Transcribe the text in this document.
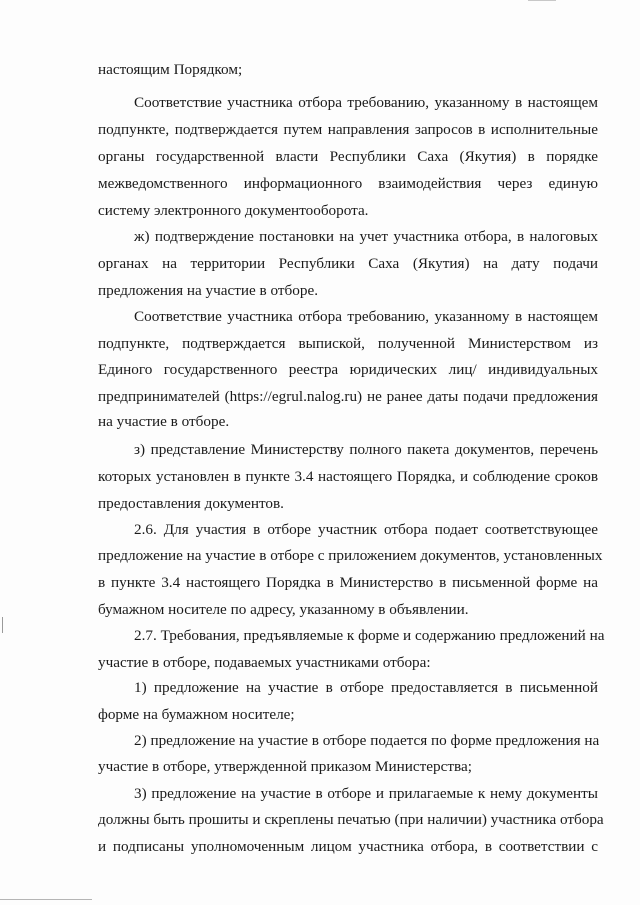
настоящим Порядком;
Соответствие участника отбора требованию, указанному в настоящем
подпункте, подтверждается путем направления запросов в исполнительные
органы государственной власти Республики Саха (Якутия) в порядке
межведомственного информационного взаимодействия через единую
систему электронного документооборота.
ж) подтверждение постановки на учет участника отбора, в налоговых
органах на территории Республики Саха (Якутия) на дату подачи
предложения на участие в отборе.
Соответствие участника отбора требованию, указанному в настоящем
подпункте, подтверждается выпиской, полученной Министерством из
Единого государственного реестра юридических лиц/ индивидуальных
предпринимателей (https://egrul.nalog.ru) не ранее даты подачи предложения
на участие в отборе.
з) представление Министерству полного пакета документов, перечень
которых установлен в пункте 3.4 настоящего Порядка, и соблюдение сроков
предоставления документов.
2.6. Для участия в отборе участник отбора подает соответствующее
предложение на участие в отборе с приложением документов, установленных
в пункте 3.4 настоящего Порядка в Министерство в письменной форме на
бумажном носителе по адресу, указанному в объявлении.
2.7. Требования, предъявляемые к форме и содержанию предложений на
участие в отборе, подаваемых участниками отбора:
1) предложение на участие в отборе предоставляется в письменной
форме на бумажном носителе;
2) предложение на участие в отборе подается по форме предложения на
участие в отборе, утвержденной приказом Министерства;
3) предложение на участие в отборе и прилагаемые к нему документы
должны быть прошиты и скреплены печатью (при наличии) участника отбора
и подписаны уполномоченным лицом участника отбора, в соответствии с
